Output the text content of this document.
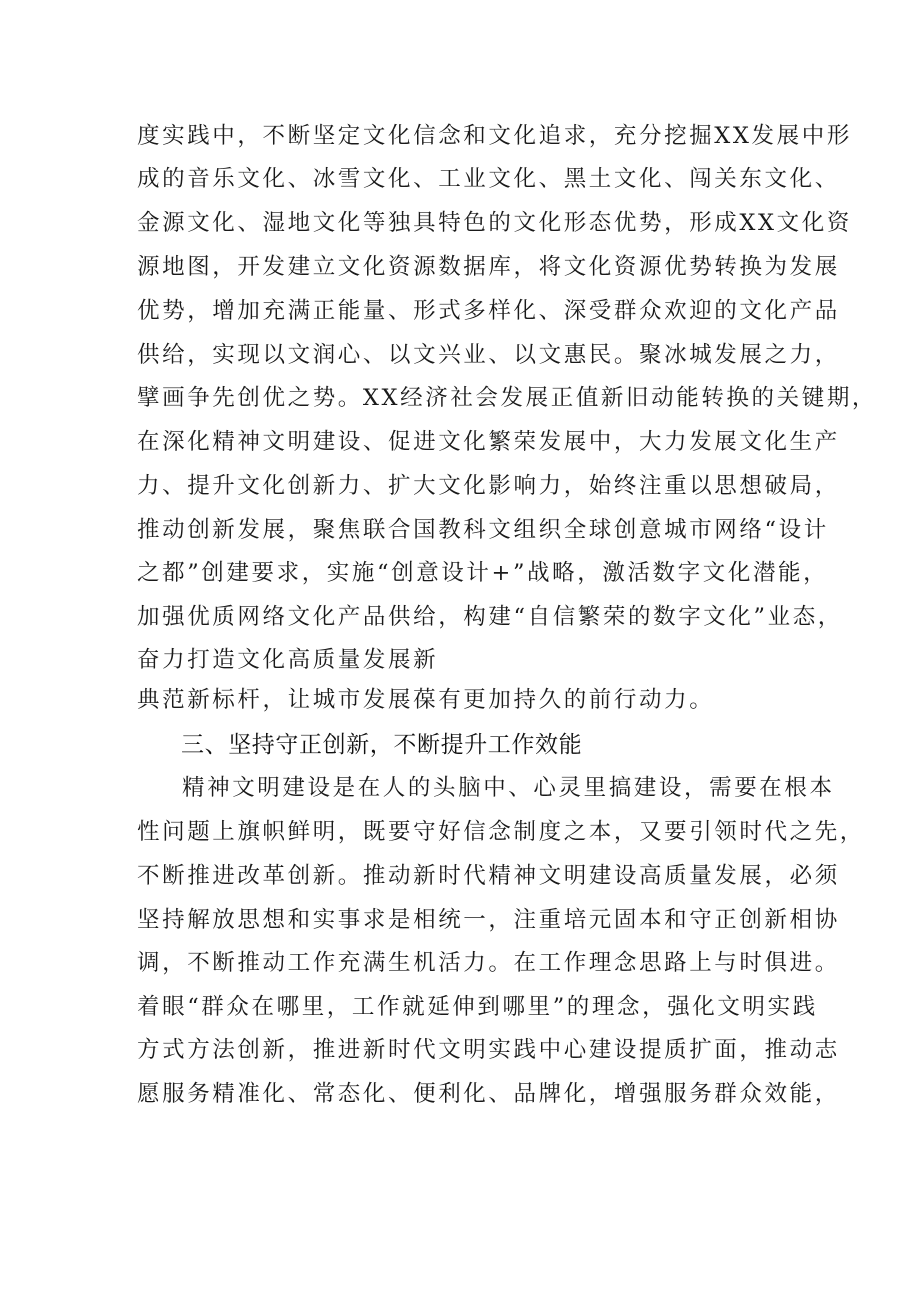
度实践中，不断坚定文化信念和文化追求，充分挖掘XX发展中形
成的音乐文化、冰雪文化、工业文化、黑土文化、闯关东文化、
金源文化、湿地文化等独具特色的文化形态优势，形成XX文化资
源地图，开发建立文化资源数据库，将文化资源优势转换为发展
优势，增加充满正能量、形式多样化、深受群众欢迎的文化产品
供给，实现以文润心、以文兴业、以文惠民。聚冰城发展之力，
擘画争先创优之势。XX经济社会发展正值新旧动能转换的关键期，
在深化精神文明建设、促进文化繁荣发展中，大力发展文化生产
力、提升文化创新力、扩大文化影响力，始终注重以思想破局，
推动创新发展，聚焦联合国教科文组织全球创意城市网络“设计
之都”创建要求，实施“创意设计+”战略，激活数字文化潜能，
加强优质网络文化产品供给，构建“自信繁荣的数字文化”业态，
奋力打造文化高质量发展新
典范新标杆，让城市发展葆有更加持久的前行动力。
三、坚持守正创新，不断提升工作效能
精神文明建设是在人的头脑中、心灵里搞建设，需要在根本
性问题上旗帜鲜明，既要守好信念制度之本，又要引领时代之先，
不断推进改革创新。推动新时代精神文明建设高质量发展，必须
坚持解放思想和实事求是相统一，注重培元固本和守正创新相协
调，不断推动工作充满生机活力。在工作理念思路上与时俱进。
着眼“群众在哪里，工作就延伸到哪里”的理念，强化文明实践
方式方法创新，推进新时代文明实践中心建设提质扩面，推动志
愿服务精准化、常态化、便利化、品牌化，增强服务群众效能，
